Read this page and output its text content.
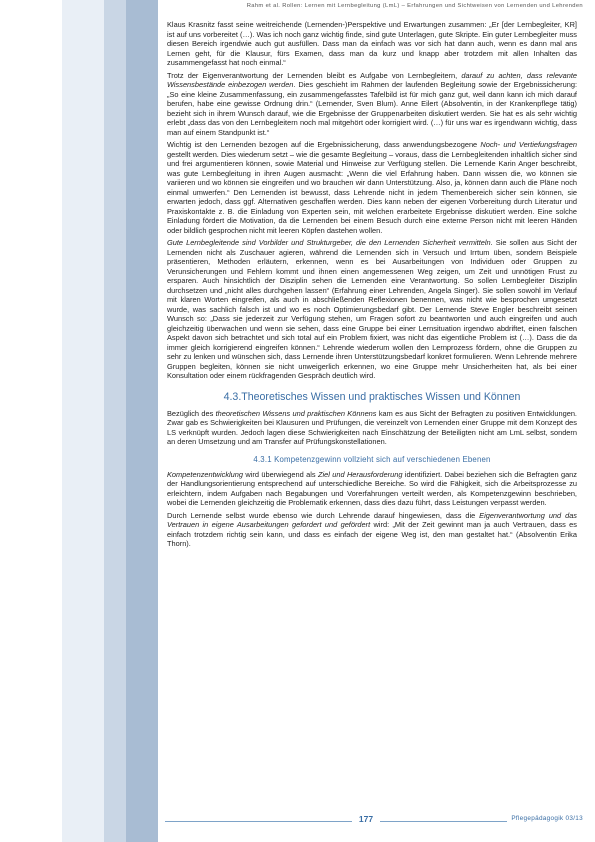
Rahm et al. Rollen: Lernen mit Lernbegleitung (LmL) – Erfahrungen und Sichtweisen von Lernenden und Lehrenden

Klaus Krasnitz fasst seine weitreichende (Lernenden-)Perspektive und Erwartungen zusammen: „Er [der Lernbegleiter, KR] ist auf uns vorbereitet (…). Was ich noch ganz wichtig finde, sind gute Unterlagen, gute Skripte. Ein guter Lernbegleiter muss diesen Bereich irgendwie auch gut ausfüllen. Dass man da einfach was vor sich hat dann auch, wenn es dann mal ans Lernen geht, für die Klausur, fürs Examen, dass man da kurz und knapp aber trotzdem mit allen Inhalten das zusammengefasst hat noch einmal.“

Trotz der Eigenverantwortung der Lernenden bleibt es Aufgabe von Lernbegleitern, darauf zu achten, dass relevante Wissensbestände einbezogen werden. Dies geschieht im Rahmen der laufenden Begleitung sowie der Ergebnissicherung: „So eine kleine Zusammenfassung, ein zusammengefasstes Tafelbild ist für mich ganz gut, weil dann kann ich mich darauf berufen, habe eine gewisse Ordnung drin.“ (Lernender, Sven Blum). Anne Eilert (Absolventin, in der Krankenpflege tätig) bezieht sich in ihrem Wunsch darauf, wie die Ergebnisse der Gruppenarbeiten diskutiert werden. Sie hat es als sehr wichtig erlebt „dass das von den Lernbegleitern noch mal mitgehört oder korrigiert wird. (…) für uns war es irgendwann wichtig, dass man auf einem Standpunkt ist.“

Wichtig ist den Lernenden bezogen auf die Ergebnissicherung, dass anwendungsbezogene Noch- und Vertiefungsfragen gestellt werden. Dies wiederum setzt – wie die gesamte Begleitung – voraus, dass die Lernbegleitenden inhaltlich sicher sind und frei argumentieren können, sowie Material und Hinweise zur Verfügung stellen. Die Lernende Karin Anger beschreibt, was gute Lernbegleitung in ihren Augen ausmacht: „Wenn die viel Erfahrung haben. Dann wissen die, wo können sie variieren und wo können sie eingreifen und wo brauchen wir dann Unterstützung. Also, ja, können dann auch die Pläne noch einmal umwerfen.“ Den Lernenden ist bewusst, dass Lehrende nicht in jedem Themenbereich sicher sein können, sie erwarten jedoch, dass ggf. Alternativen geschaffen werden. Dies kann neben der eigenen Vorbereitung durch Literatur und Praxiskontakte z. B. die Einladung von Experten sein, mit welchen erarbeitete Ergebnisse diskutiert werden. Eine solche Einladung fördert die Motivation, da die Lernenden bei einem Besuch durch eine externe Person nicht mit leeren Händen oder bildlich gesprochen nicht mit leeren Köpfen dastehen wollen.

Gute Lernbegleitende sind Vorbilder und Strukturgeber, die den Lernenden Sicherheit vermitteln. Sie sollen aus Sicht der Lernenden nicht als Zuschauer agieren, während die Lernenden sich in Versuch und Irrtum üben, sondern Beispiele präsentieren, Methoden erläutern, erkennen, wenn es bei Ausarbeitungen von Individuen oder Gruppen zu Verunsicherungen und Fehlern kommt und ihnen einen angemessenen Weg zeigen, um Zeit und unnötigen Frust zu ersparen. Auch hinsichtlich der Disziplin sehen die Lernenden eine Verantwortung. So sollen Lernbegleiter Disziplin durchsetzen und „nicht alles durchgehen lassen“ (Erfahrung einer Lehrenden, Angela Singer). Sie sollen sowohl im Verlauf mit klaren Worten eingreifen, als auch in abschließenden Reflexionen benennen, was nicht wie besprochen umgesetzt wurde, was sachlich falsch ist und wo es noch Optimierungsbedarf gibt. Der Lernende Steve Engler beschreibt seinen Wunsch so: „Dass sie jederzeit zur Verfügung stehen, um Fragen sofort zu beantworten und auch eingreifen und auch gleichzeitig überwachen und wenn sie sehen, dass eine Gruppe bei einer Lernsituation irgendwo abdriftet, einen falschen Aspekt davon sich betrachtet und sich total auf ein Problem fixiert, was nicht das eigentliche Problem ist (…). Dass die da immer gleich korrigierend eingreifen können.“ Lehrende wiederum wollen den Lernprozess fördern, ohne die Gruppen zu sehr zu lenken und wünschen sich, dass Lernende ihren Unterstützungsbedarf konkret formulieren. Wenn Lehrende mehrere Gruppen begleiten, können sie nicht unweigerlich erkennen, wo eine Gruppe mehr Unsicherheiten hat, als bei einer Konsultation oder einem rückfragenden Gespräch deutlich wird.

4.3.Theoretisches Wissen und praktisches Wissen und Können

Bezüglich des theoretischen Wissens und praktischen Könnens kam es aus Sicht der Befragten zu positiven Entwicklungen. Zwar gab es Schwierigkeiten bei Klausuren und Prüfungen, die vereinzelt von Lernenden einer Gruppe mit dem Konzept des LS verknüpft wurden. Jedoch lagen diese Schwierigkeiten nach Einschätzung der Beteiligten nicht am LmL selbst, sondern an deren Umsetzung und am Transfer auf Prüfungskonstellationen.

4.3.1 Kompetenzgewinn vollzieht sich auf verschiedenen Ebenen

Kompetenzentwicklung wird überwiegend als Ziel und Herausforderung identifiziert. Dabei beziehen sich die Befragten ganz der Handlungsorientierung entsprechend auf unterschiedliche Bereiche. So wird die Fähigkeit, sich die Arbeitsprozesse zu erleichtern, indem Aufgaben nach Begabungen und Vorerfahrungen verteilt werden, als Kompetenzgewinn beschrieben, wobei die Lernenden gleichzeitig die Problematik erkennen, dass dies dazu führt, dass Leistungen verpasst werden.

Durch Lernende selbst wurde ebenso wie durch Lehrende darauf hingewiesen, dass die Eigenverantwortung und das Vertrauen in eigene Ausarbeitungen gefordert und gefördert wird: „Mit der Zeit gewinnt man ja auch Vertrauen, dass es einfach trotzdem richtig sein kann, und dass es einfach der eigene Weg ist, den man gestaltet hat.“ (Absolventin Erika Thorn).

177	Pflegepädagogik 03/13
